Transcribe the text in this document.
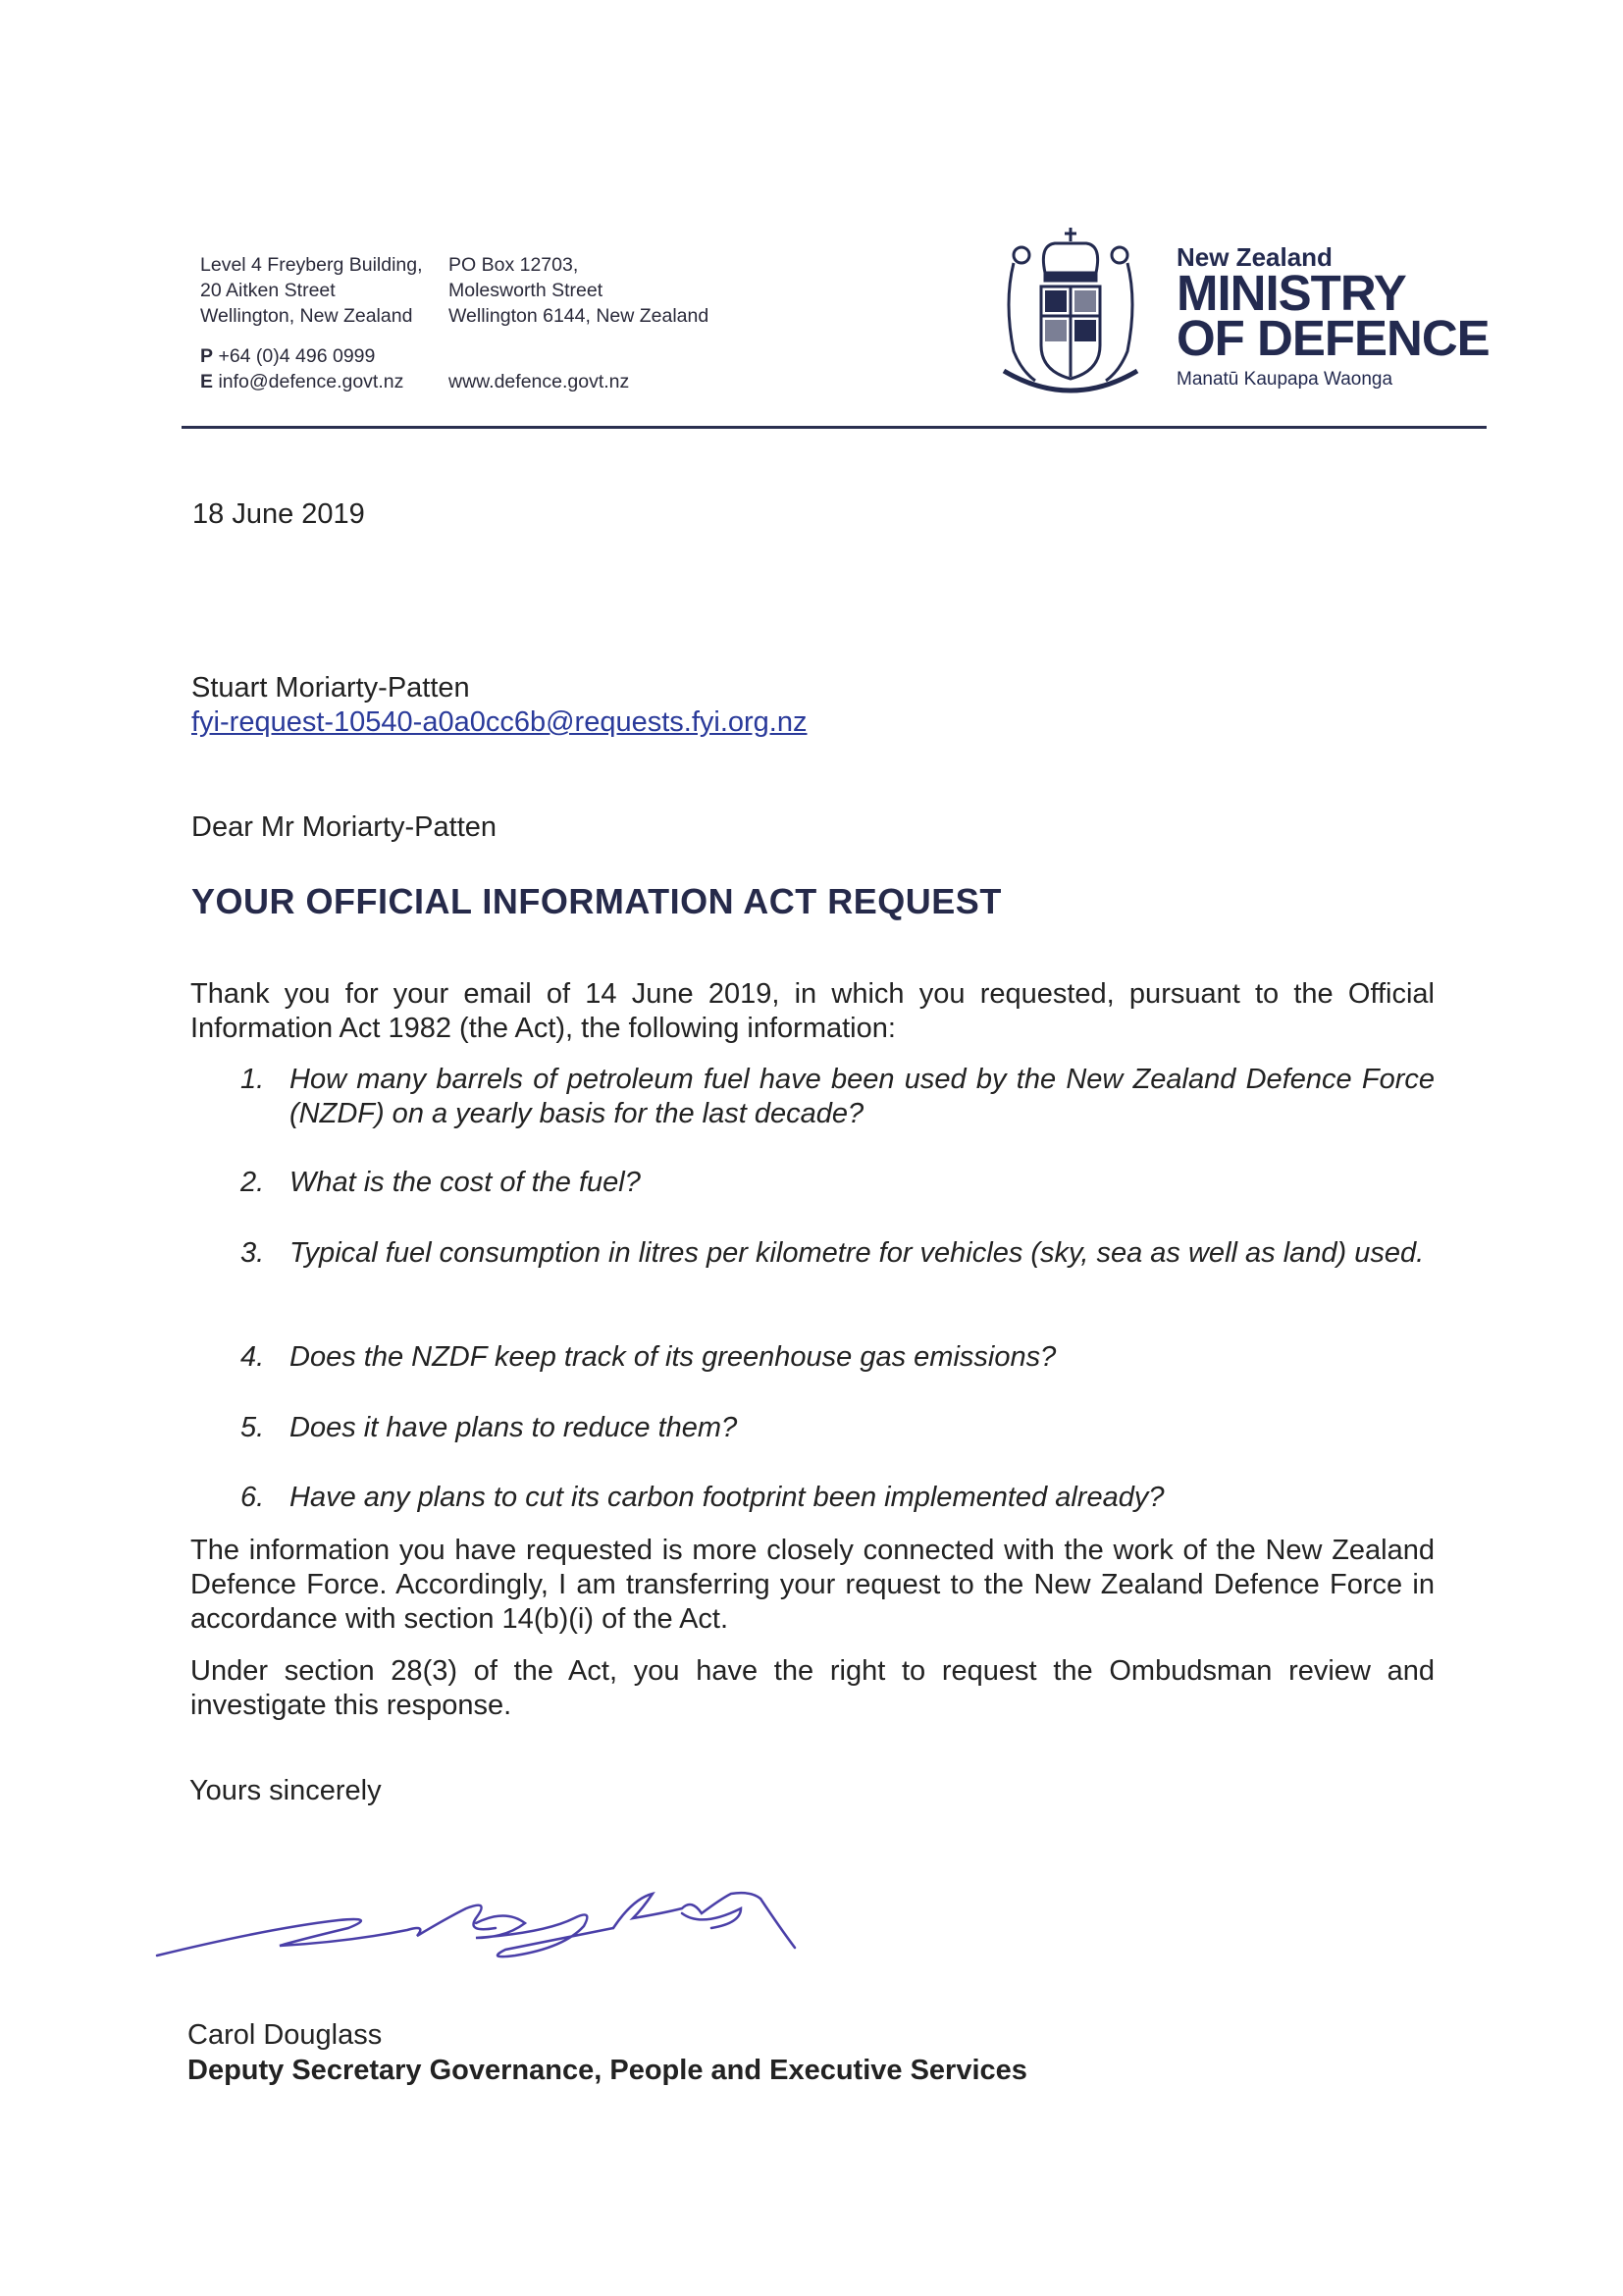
Level 4 Freyberg Building,
20 Aitken Street
Wellington, New Zealand
PO Box 12703,
Molesworth Street
Wellington 6144, New Zealand
P +64 (0)4 496 0999
E info@defence.govt.nz www.defence.govt.nz
New Zealand
MINISTRY
OF DEFENCE
Manatū Kaupapa Waonga
18 June 2019
Stuart Moriarty-Patten
fyi-request-10540-a0a0cc6b@requests.fyi.org.nz
Dear Mr Moriarty-Patten
YOUR OFFICIAL INFORMATION ACT REQUEST
Thank you for your email of 14 June 2019, in which you requested, pursuant to the Official Information Act 1982 (the Act), the following information:
1. How many barrels of petroleum fuel have been used by the New Zealand Defence Force (NZDF) on a yearly basis for the last decade?
2. What is the cost of the fuel?
3. Typical fuel consumption in litres per kilometre for vehicles (sky, sea as well as land) used.
4. Does the NZDF keep track of its greenhouse gas emissions?
5. Does it have plans to reduce them?
6. Have any plans to cut its carbon footprint been implemented already?
The information you have requested is more closely connected with the work of the New Zealand Defence Force. Accordingly, I am transferring your request to the New Zealand Defence Force in accordance with section 14(b)(i) of the Act.
Under section 28(3) of the Act, you have the right to request the Ombudsman review and investigate this response.
Yours sincerely
Carol Douglass
Deputy Secretary Governance, People and Executive Services
